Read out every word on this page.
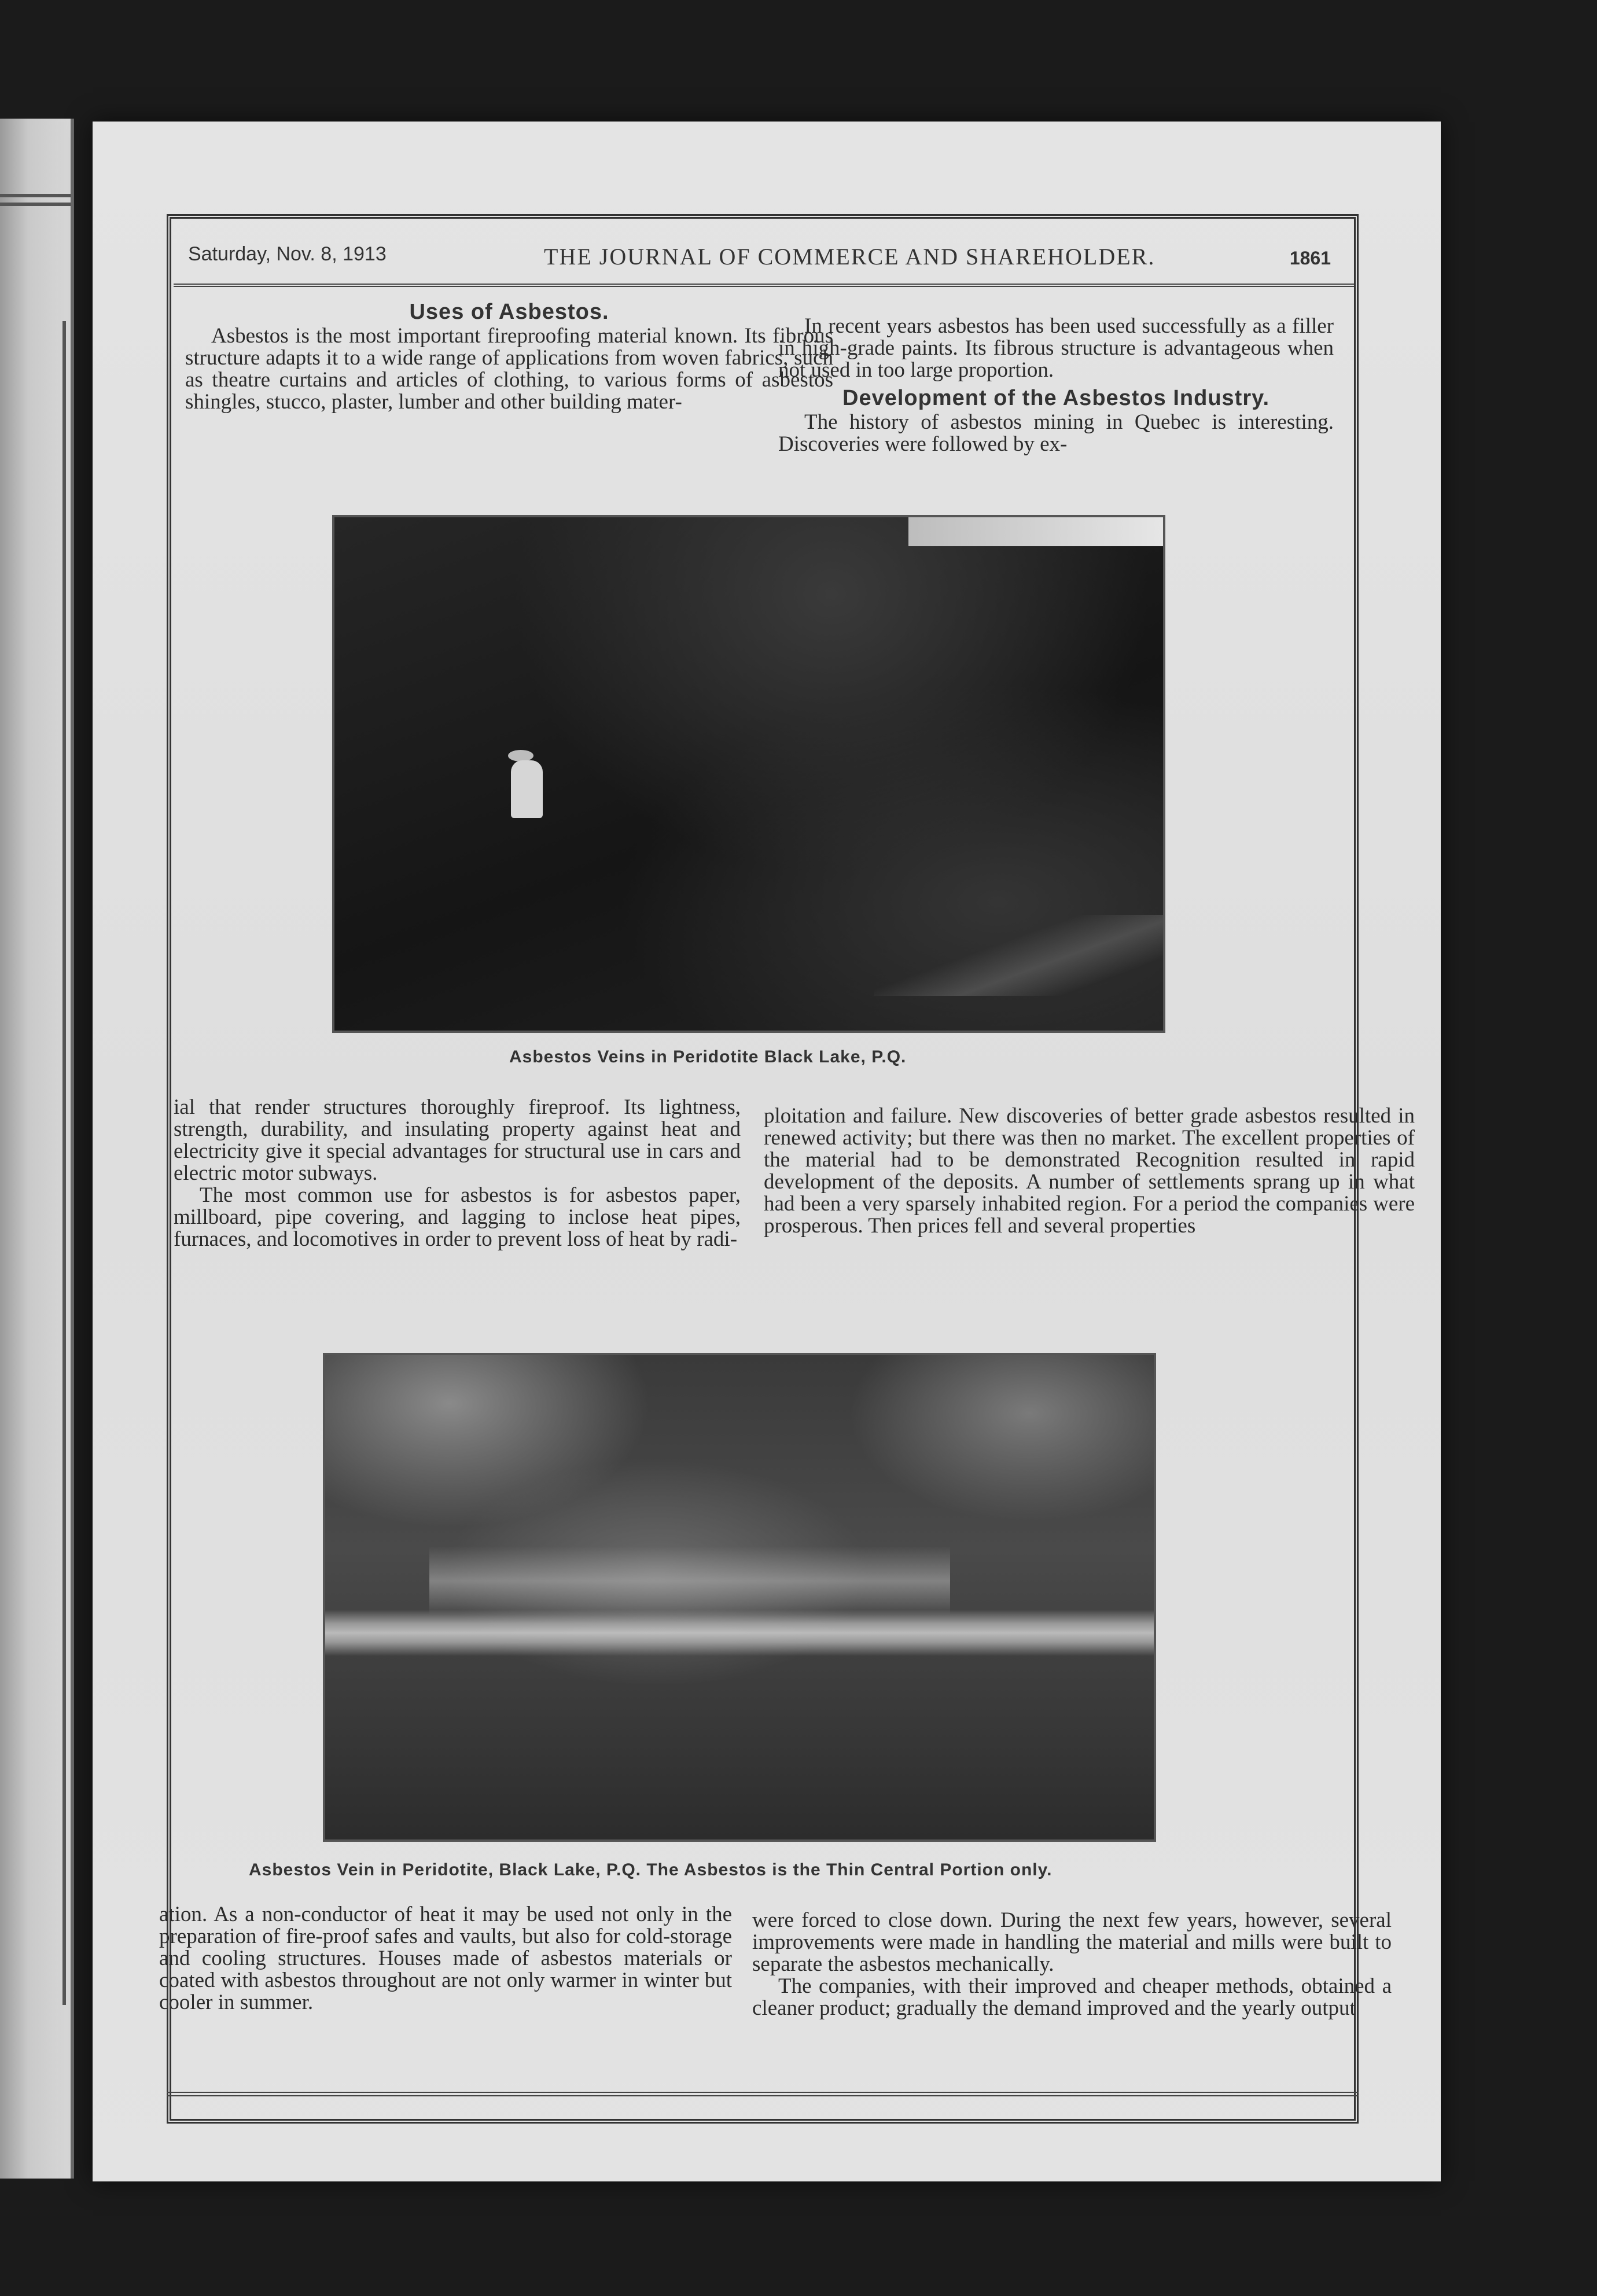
Saturday, Nov. 8, 1913	THE JOURNAL OF COMMERCE AND SHAREHOLDER.	1861
Uses of Asbestos.

Asbestos is the most important fireproofing material known. Its fibrous structure adapts it to a wide range of applications from woven fabrics, such as theatre curtains and articles of clothing, to various forms of asbestos shingles, stucco, plaster, lumber and other building mater-

In recent years asbestos has been used successfully as a filler in high-grade paints. Its fibrous structure is advantageous when not used in too large proportion.

Development of the Asbestos Industry.

The history of asbestos mining in Quebec is interesting. Discoveries were followed by ex-

Asbestos Veins in Peridotite Black Lake, P.Q.

ial that render structures thoroughly fireproof. Its lightness, strength, durability, and insulating property against heat and electricity give it special advantages for structural use in cars and electric motor subways.

The most common use for asbestos is for asbestos paper, millboard, pipe covering, and lagging to inclose heat pipes, furnaces, and locomotives in order to prevent loss of heat by radi-

ploitation and failure. New discoveries of better grade asbestos resulted in renewed activity; but there was then no market. The excellent properties of the material had to be demonstrated Recognition resulted in rapid development of the deposits. A number of settlements sprang up in what had been a very sparsely inhabited region. For a period the companies were prosperous. Then prices fell and several properties

Asbestos Vein in Peridotite, Black Lake, P.Q. The Asbestos is the Thin Central Portion only.

ation. As a non-conductor of heat it may be used not only in the preparation of fire-proof safes and vaults, but also for cold-storage and cooling structures. Houses made of asbestos materials or coated with asbestos throughout are not only warmer in winter but cooler in summer.

were forced to close down. During the next few years, however, several improvements were made in handling the material and mills were built to separate the asbestos mechanically.

The companies, with their improved and cheaper methods, obtained a cleaner product; gradually the demand improved and the yearly output
